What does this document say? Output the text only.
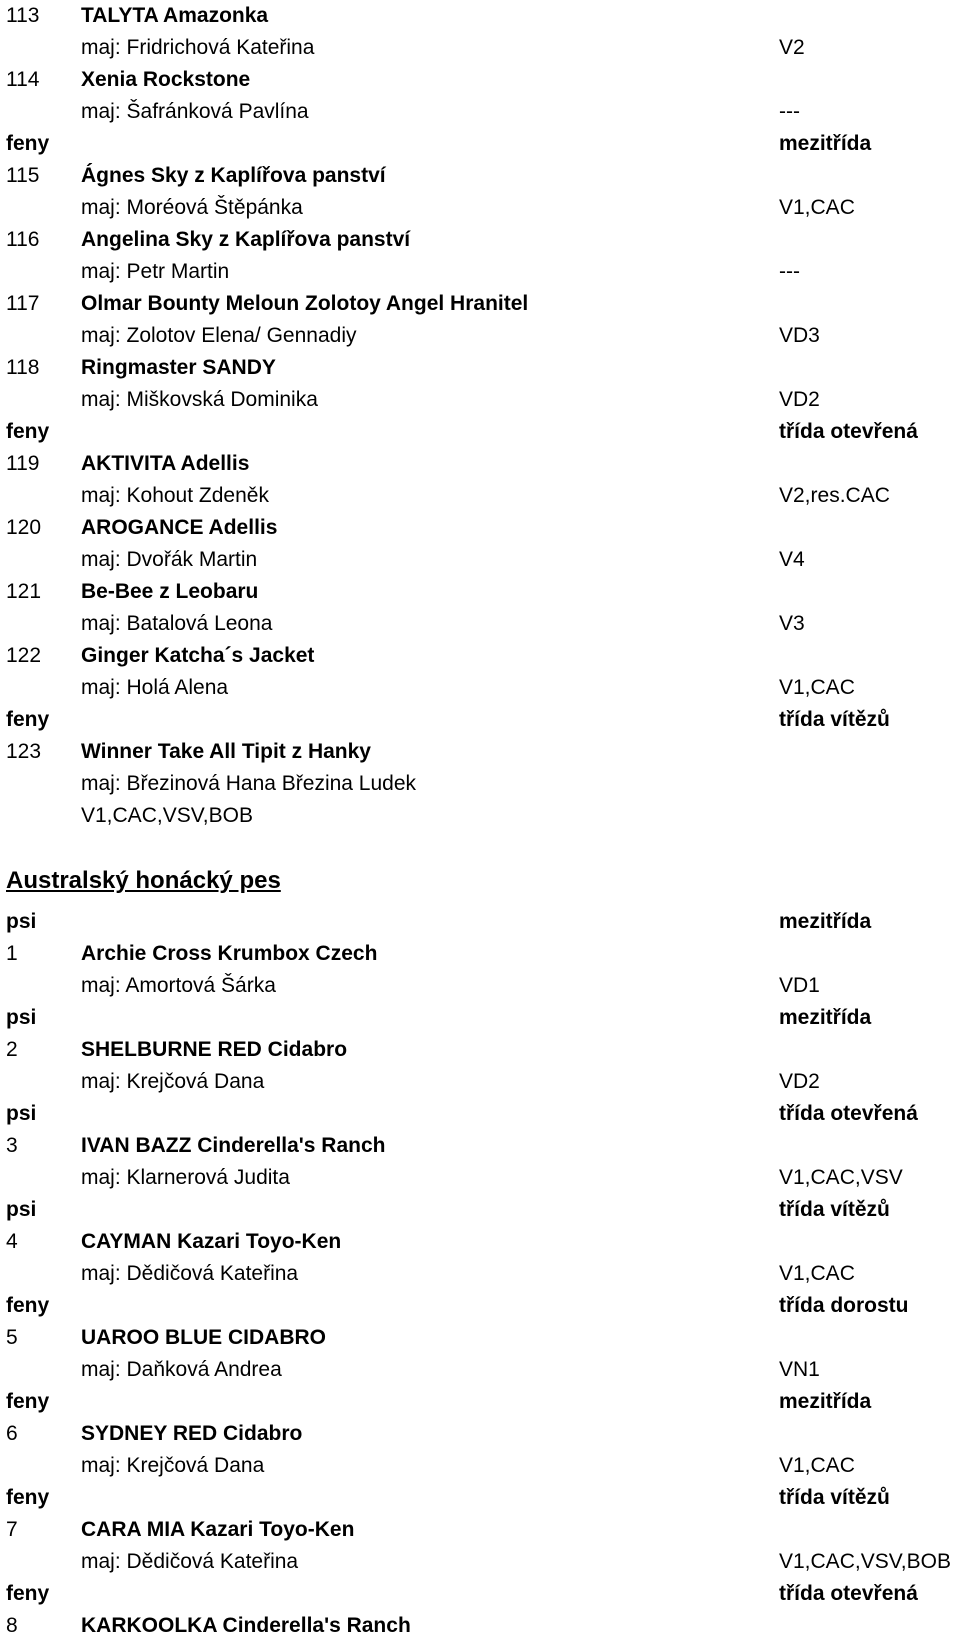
113 TALYTA Amazonka
maj: Fridrichová Kateřina	V2
114 Xenia Rockstone
maj: Šafránková Pavlína	---
feny	mezitřída
115 Ágnes Sky z Kaplířova panství
maj: Moréová Štěpánka	V1,CAC
116 Angelina Sky z Kaplířova panství
maj: Petr Martin	---
117 Olmar Bounty Meloun Zolotoy Angel Hranitel
maj: Zolotov Elena/ Gennadiy	VD3
118 Ringmaster SANDY
maj: Miškovská Dominika	VD2
feny	třída otevřená
119 AKTIVITA Adellis
maj: Kohout Zdeněk	V2,res.CAC
120 AROGANCE Adellis
maj: Dvořák Martin	V4
121 Be-Bee z Leobaru
maj: Batalová Leona	V3
122 Ginger Katcha´s Jacket
maj: Holá Alena	V1,CAC
feny	třída vítězů
123 Winner Take All Tipit z Hanky
maj: Březinová Hana Březina Ludek
V1,CAC,VSV,BOB
Australský honácký pes
psi	mezitřída
1	Archie Cross Krumbox Czech
maj: Amortová Šárka	VD1
psi	mezitřída
2	SHELBURNE RED Cidabro
maj: Krejčová Dana	VD2
psi	třída otevřená
3	IVAN BAZZ Cinderella's Ranch
maj: Klarnerová Judita	V1,CAC,VSV
psi	třída vítězů
4	CAYMAN Kazari Toyo-Ken
maj: Dědičová Kateřina	V1,CAC
feny	třída dorostu
5	UAROO BLUE CIDABRO
maj: Daňková Andrea	VN1
feny	mezitřída
6	SYDNEY RED Cidabro
maj: Krejčová Dana	V1,CAC
feny	třída vítězů
7	CARA MIA Kazari Toyo-Ken
maj: Dědičová Kateřina	V1,CAC,VSV,BOB
feny	třída otevřená
8	KARKOOLKA Cinderella's Ranch
